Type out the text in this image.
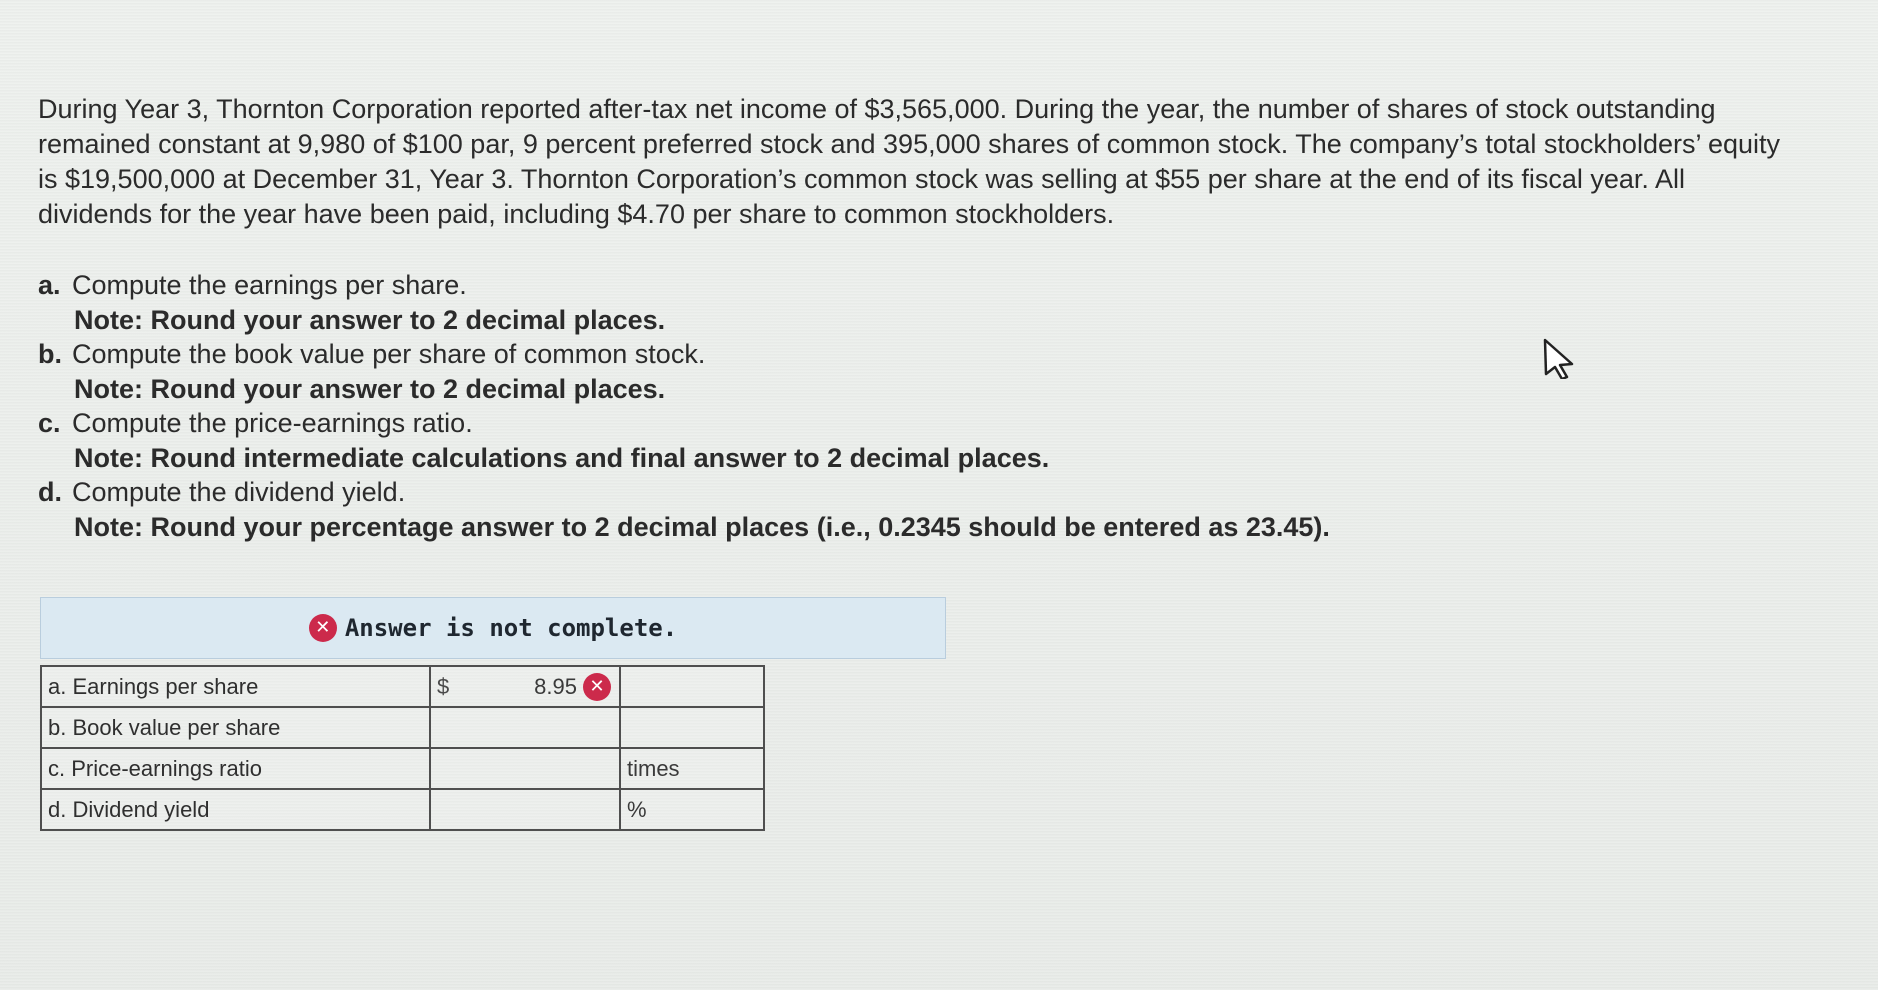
During Year 3, Thornton Corporation reported after-tax net income of $3,565,000. During the year, the number of shares of stock outstanding remained constant at 9,980 of $100 par, 9 percent preferred stock and 395,000 shares of common stock. The company’s total stockholders’ equity is $19,500,000 at December 31, Year 3. Thornton Corporation’s common stock was selling at $55 per share at the end of its fiscal year. All dividends for the year have been paid, including $4.70 per share to common stockholders.

a. Compute the earnings per share.
Note: Round your answer to 2 decimal places.
b. Compute the book value per share of common stock.
Note: Round your answer to 2 decimal places.
c. Compute the price-earnings ratio.
Note: Round intermediate calculations and final answer to 2 decimal places.
d. Compute the dividend yield.
Note: Round your percentage answer to 2 decimal places (i.e., 0.2345 should be entered as 23.45).
✕ Answer is not complete.
a. Earnings per share	$ 8.95 ✕	

b. Book value per share	

c. Price-earnings ratio		times
d. Dividend yield		%
